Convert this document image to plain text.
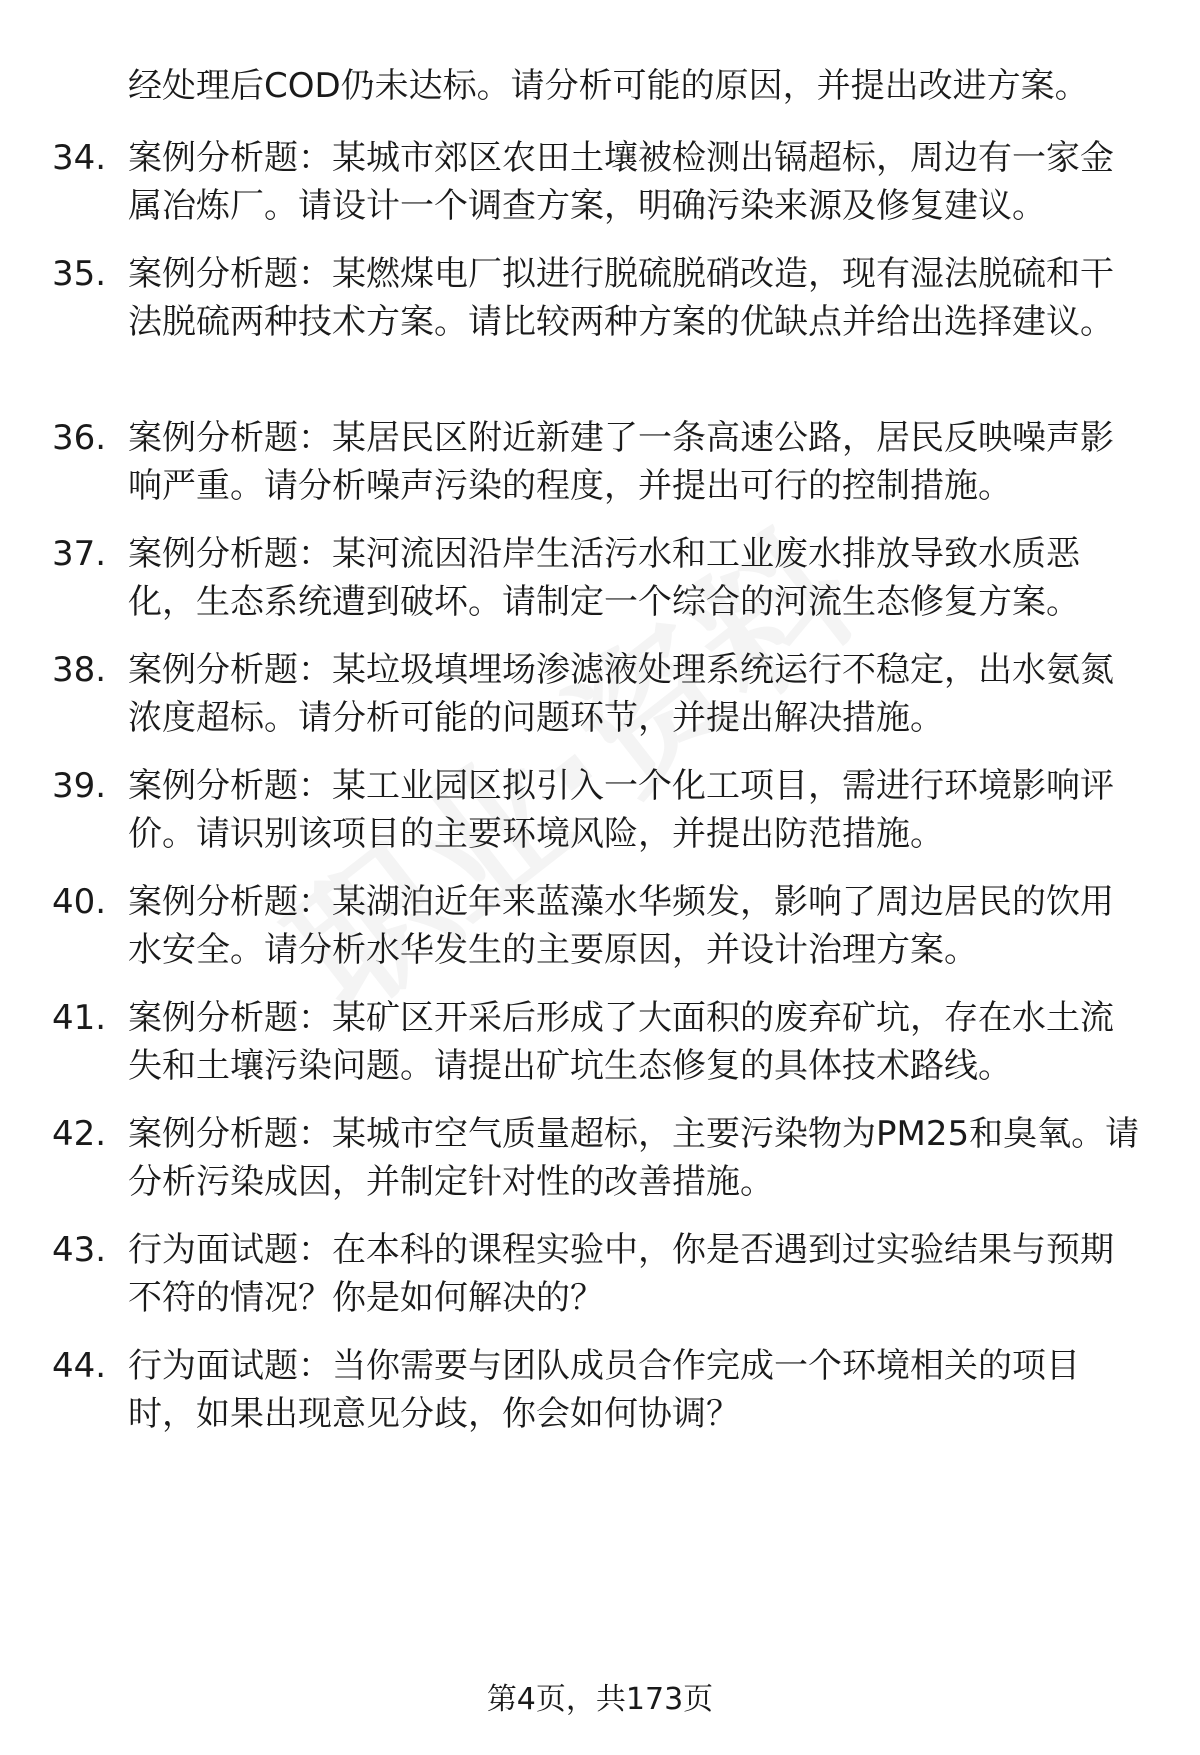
经处理后COD仍未达标。请分析可能的原因，并提出改进方案。
34. 案例分析题：某城市郊区农田土壤被检测出镉超标，周边有一家金属冶炼厂。请设计一个调查方案，明确污染来源及修复建议。
35. 案例分析题：某燃煤电厂拟进行脱硫脱硝改造，现有湿法脱硫和干法脱硫两种技术方案。请比较两种方案的优缺点并给出选择建议。
36. 案例分析题：某居民区附近新建了一条高速公路，居民反映噪声影响严重。请分析噪声污染的程度，并提出可行的控制措施。
37. 案例分析题：某河流因沿岸生活污水和工业废水排放导致水质恶化，生态系统遭到破坏。请制定一个综合的河流生态修复方案。
38. 案例分析题：某垃圾填埋场渗滤液处理系统运行不稳定，出水氨氮浓度超标。请分析可能的问题环节，并提出解决措施。
39. 案例分析题：某工业园区拟引入一个化工项目，需进行环境影响评价。请识别该项目的主要环境风险，并提出防范措施。
40. 案例分析题：某湖泊近年来蓝藻水华频发，影响了周边居民的饮用水安全。请分析水华发生的主要原因，并设计治理方案。
41. 案例分析题：某矿区开采后形成了大面积的废弃矿坑，存在水土流失和土壤污染问题。请提出矿坑生态修复的具体技术路线。
42. 案例分析题：某城市空气质量超标，主要污染物为PM25和臭氧。请分析污染成因，并制定针对性的改善措施。
43. 行为面试题：在本科的课程实验中，你是否遇到过实验结果与预期不符的情况？你是如何解决的？
44. 行为面试题：当你需要与团队成员合作完成一个环境相关的项目时，如果出现意见分歧，你会如何协调？
第4页，共173页
